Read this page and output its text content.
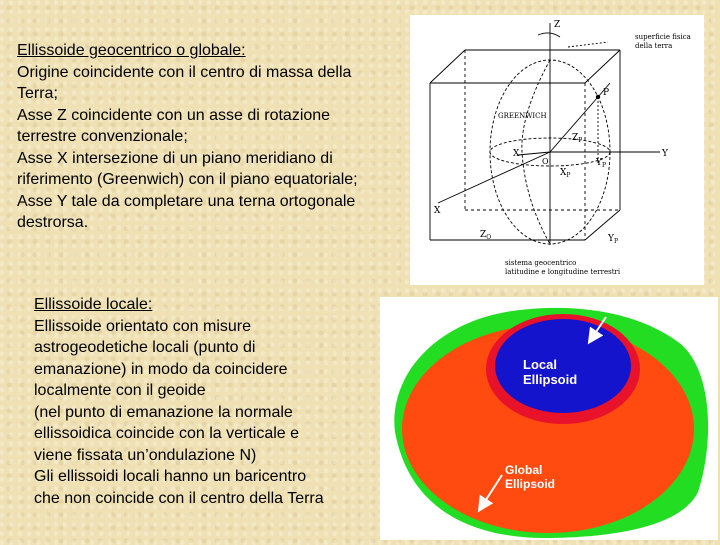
Ellissoide geocentrico o globale:

Origine coincidente con il centro di massa della

Terra;

Asse Z coincidente con un asse di rotazione

terrestre convenzionale;

Asse X intersezione di un piano meridiano di

riferimento (Greenwich) con il piano equatoriale;

Asse Y tale da completare una terna ortogonale

destrorsa.

Ellissoide locale:

Ellissoide orientato con misure

astrogeodetiche locali (punto di

emanazione) in modo da coincidere

localmente con il geoide

(nel punto di emanazione la normale

ellissoidica coincide con la verticale e

viene fissata un’ondulazione N)

Gli ellissoidi locali hanno un baricentro

che non coincide con il centro della Terra

superficie fisica
della terra
GREENWICH
Z
X	Y
X
P
O
$Z_P$
$Y_P$
$X_P$
$Z_O$	$Y_P$
sistema geocentrico
latitudine e longitudine terrestri
Local
Ellipsoid
Global
Ellipsoid
